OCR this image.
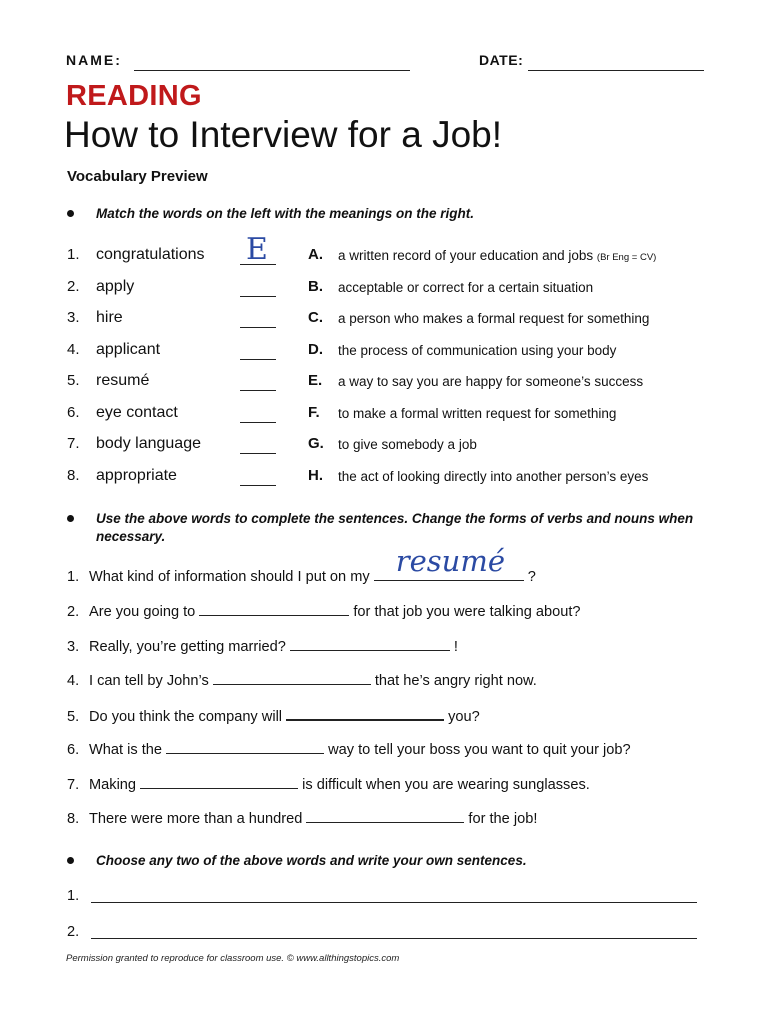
NAME:	DATE:
READING
How to Interview for a Job!
Vocabulary Preview
Match the words on the left with the meanings on the right.
1. congratulations E	A. a written record of your education and jobs (Br Eng = CV)
2. apply	B. acceptable or correct for a certain situation
3. hire	C. a person who makes a formal request for something
4. applicant	D. the process of communication using your body
5. resumé	E. a way to say you are happy for someone’s success
6. eye contact	F. to make a formal written request for something
7. body language	G. to give somebody a job
8. appropriate	H. the act of looking directly into another person’s eyes
Use the above words to complete the sentences. Change the forms of verbs and nouns when necessary.
1. What kind of information should I put on my resumé ?
2. Are you going to	for that job you were talking about?
3. Really, you’re getting married?	!
4. I can tell by John’s	that he’s angry right now.
5. Do you think the company will	you?
6. What is the	way to tell your boss you want to quit your job?
7. Making	is difficult when you are wearing sunglasses.
8. There were more than a hundred	for the job!
Choose any two of the above words and write your own sentences.
1.
2.
Permission granted to reproduce for classroom use. © www.allthingstopics.com
